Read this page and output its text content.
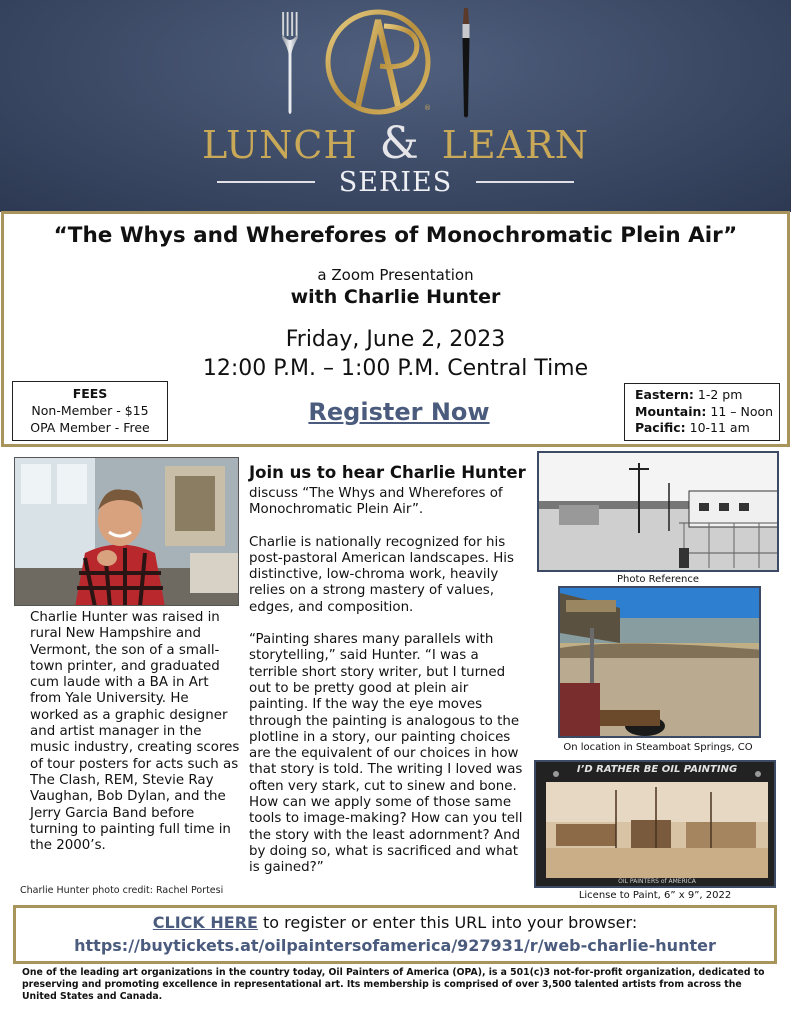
®
LUNCH & LEARN
SERIES
“The Whys and Wherefores of Monochromatic Plein Air”
a Zoom Presentation
with Charlie Hunter
Friday, June 2, 2023
12:00 P.M. – 1:00 P.M. Central Time
FEES
Non-Member - $15
OPA Member - Free
Register Now
Eastern: 1-2 pm
Mountain: 11 – Noon
Pacific: 10-11 am
Charlie Hunter was raised in rural New Hampshire and Vermont, the son of a small-town printer, and graduated cum laude with a BA in Art from Yale University. He worked as a graphic designer and artist manager in the music industry, creating scores of tour posters for acts such as The Clash, REM, Stevie Ray Vaughan, Bob Dylan, and the Jerry Garcia Band before turning to painting full time in the 2000’s.
Charlie Hunter photo credit: Rachel Portesi
Join us to hear Charlie Hunter

discuss “The Whys and Wherefores of Monochromatic Plein Air”.

Charlie is nationally recognized for his post-pastoral American landscapes. His distinctive, low-chroma work, heavily relies on a strong mastery of values, edges, and composition.

“Painting shares many parallels with storytelling,” said Hunter. “I was a terrible short story writer, but I turned out to be pretty good at plein air painting. If the way the eye moves through the painting is analogous to the plotline in a story, our painting choices are the equivalent of our choices in how that story is told. The writing I loved was often very stark, cut to sinew and bone. How can we apply some of those same tools to image-making? How can you tell the story with the least adornment? And by doing so, what is sacrificed and what is gained?”

Photo Reference
On location in Steamboat Springs, CO
I’D RATHER BE OIL PAINTING
OIL PAINTERS of AMERICA
License to Paint, 6” x 9”, 2022
CLICK HERE to register or enter this URL into your browser:
https://buytickets.at/oilpaintersofamerica/927931/r/web-charlie-hunter
One of the leading art organizations in the country today, Oil Painters of America (OPA), is a 501(c)3 not-for-profit organization, dedicated to preserving and promoting excellence in representational art. Its membership is comprised of over 3,500 talented artists from across the United States and Canada.
